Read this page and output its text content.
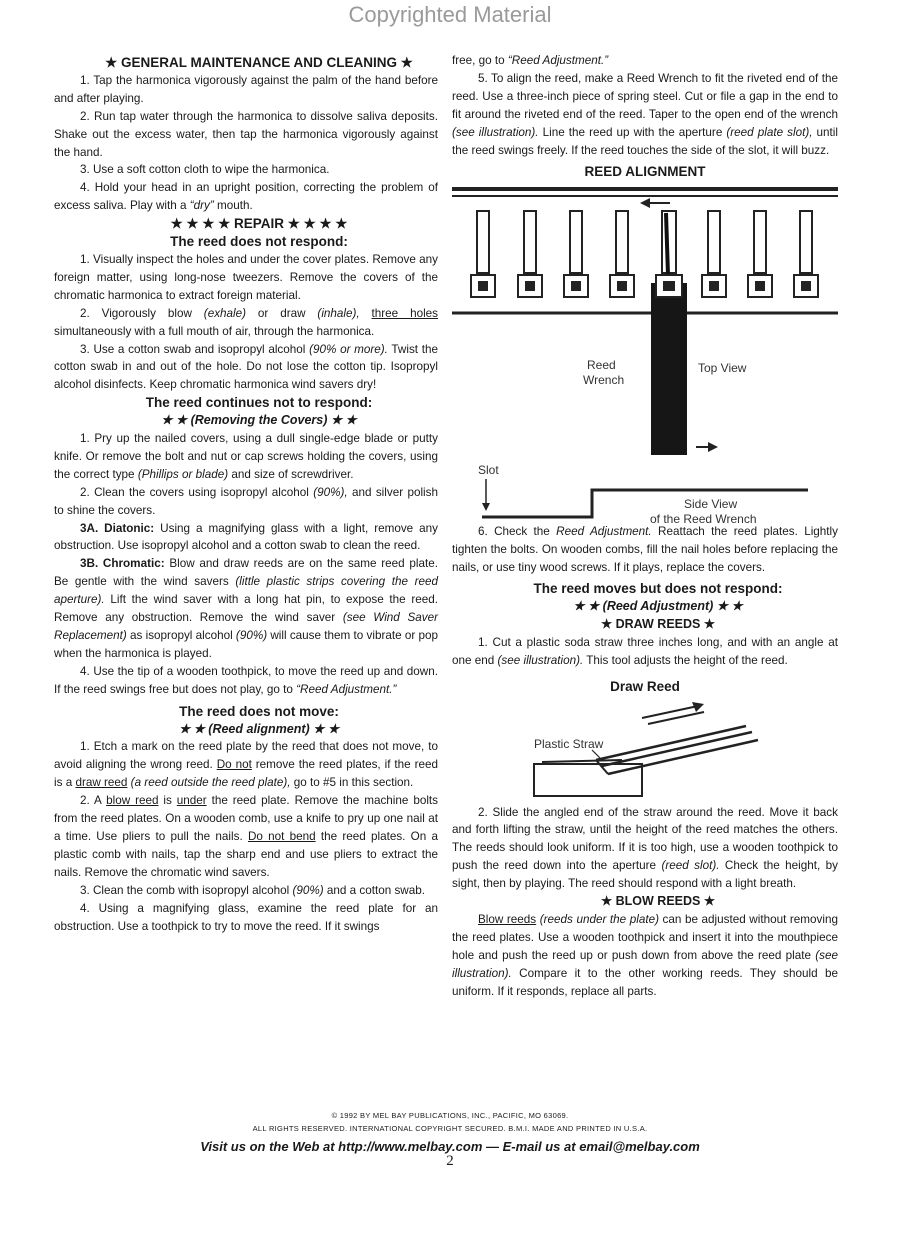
Copyrighted Material

★ GENERAL MAINTENANCE AND CLEANING ★

1. Tap the harmonica vigorously against the palm of the hand before and after playing.

2. Run tap water through the harmonica to dissolve saliva deposits. Shake out the excess water, then tap the harmonica vigorously against the hand.

3. Use a soft cotton cloth to wipe the harmonica.

4. Hold your head in an upright position, correcting the problem of excess saliva. Play with a “dry” mouth.

★ ★ ★ ★ REPAIR ★ ★ ★ ★

The reed does not respond:

1. Visually inspect the holes and under the cover plates. Remove any foreign matter, using long-nose tweezers. Remove the covers of the chromatic harmonica to extract foreign material.

2. Vigorously blow (exhale) or draw (inhale), three holes simultaneously with a full mouth of air, through the harmonica.

3. Use a cotton swab and isopropyl alcohol (90% or more). Twist the cotton swab in and out of the hole. Do not lose the cotton tip. Isopropyl alcohol disinfects. Keep chromatic harmonica wind savers dry!

The reed continues not to respond:

★ ★ (Removing the Covers) ★ ★

1. Pry up the nailed covers, using a dull single-edge blade or putty knife. Or remove the bolt and nut or cap screws holding the covers, using the correct type (Phillips or blade) and size of screwdriver.

2. Clean the covers using isopropyl alcohol (90%), and silver polish to shine the covers.

3A. Diatonic: Using a magnifying glass with a light, remove any obstruction. Use isopropyl alcohol and a cotton swab to clean the reed.

3B. Chromatic: Blow and draw reeds are on the same reed plate. Be gentle with the wind savers (little plastic strips covering the reed aperture). Lift the wind saver with a long hat pin, to expose the reed. Remove any obstruction. Remove the wind saver (see Wind Saver Replacement) as isopropyl alcohol (90%) will cause them to vibrate or pop when the harmonica is played.

4. Use the tip of a wooden toothpick, to move the reed up and down. If the reed swings free but does not play, go to “Reed Adjustment.”

The reed does not move:

★ ★ (Reed alignment) ★ ★

1. Etch a mark on the reed plate by the reed that does not move, to avoid aligning the wrong reed. Do not remove the reed plates, if the reed is a draw reed (a reed outside the reed plate), go to #5 in this section.

2. A blow reed is under the reed plate. Remove the machine bolts from the reed plates. On a wooden comb, use a knife to pry up one nail at a time. Use pliers to pull the nails. Do not bend the reed plates. On a plastic comb with nails, tap the sharp end and use pliers to extract the nails. Remove the chromatic wind savers.

3. Clean the comb with isopropyl alcohol (90%) and a cotton swab.

4. Using a magnifying glass, examine the reed plate for an obstruction. Use a toothpick to try to move the reed. If it swings

free, go to “Reed Adjustment.”

5. To align the reed, make a Reed Wrench to fit the riveted end of the reed. Use a three-inch piece of spring steel. Cut or file a gap in the end to fit around the riveted end of the reed. Taper to the open end of the wrench (see illustration). Line the reed up with the aperture (reed plate slot), until the reed swings freely. If the reed touches the side of the slot, it will buzz.

REED ALIGNMENT
Reed
Wrench
Top View
Slot
Side View
of the Reed Wrench

6. Check the Reed Adjustment. Reattach the reed plates. Lightly tighten the bolts. On wooden combs, fill the nail holes before replacing the nails, or use tiny wood screws. If it plays, replace the covers.

The reed moves but does not respond:

★ ★ (Reed Adjustment) ★ ★

★ DRAW REEDS ★

1. Cut a plastic soda straw three inches long, and with an angle at one end (see illustration). This tool adjusts the height of the reed.

Draw Reed
Plastic Straw

2. Slide the angled end of the straw around the reed. Move it back and forth lifting the straw, until the height of the reed matches the others. The reeds should look uniform. If it is too high, use a wooden toothpick to push the reed down into the aperture (reed slot). Check the height, by sight, then by playing. The reed should respond with a light breath.

★ BLOW REEDS ★

Blow reeds (reeds under the plate) can be adjusted without removing the reed plates. Use a wooden toothpick and insert it into the mouthpiece hole and push the reed up or push down from above the reed plate (see illustration). Compare it to the other working reeds. They should be uniform. If it responds, replace all parts.

© 1992 BY MEL BAY PUBLICATIONS, INC., PACIFIC, MO 63069.
ALL RIGHTS RESERVED. INTERNATIONAL COPYRIGHT SECURED. B.M.I. MADE AND PRINTED IN U.S.A.
Visit us on the Web at http://www.melbay.com — E-mail us at email@melbay.com
2
